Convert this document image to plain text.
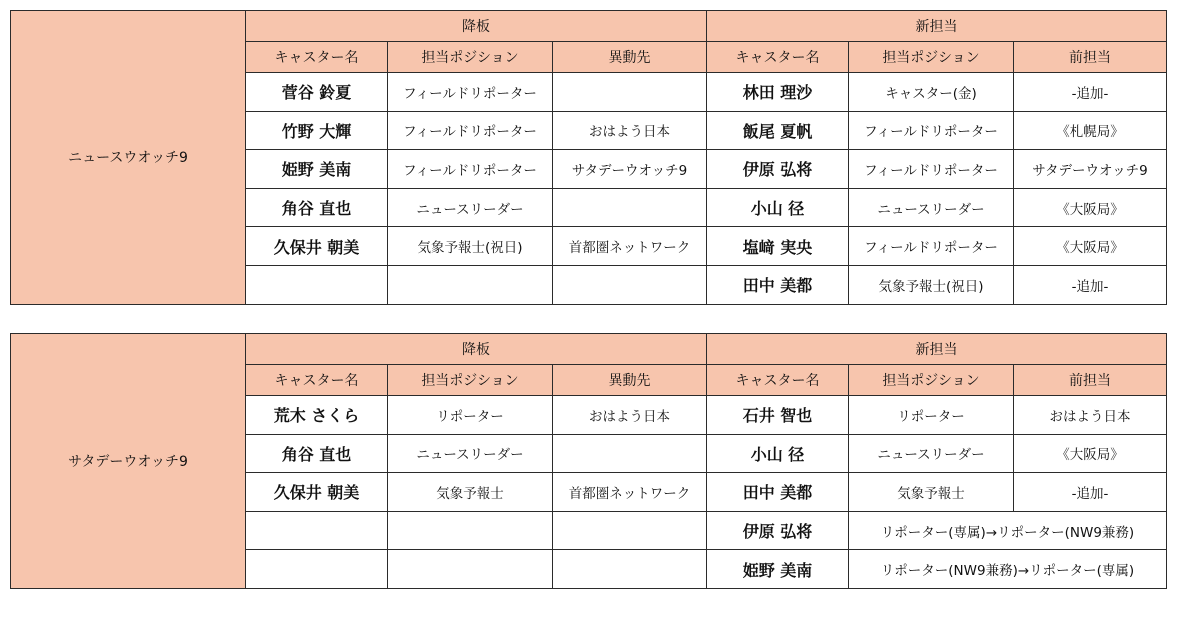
ニュースウオッチ9	降板			新担当		
	キャスター名	担当ポジション	異動先	キャスター名	担当ポジション	前担当
	菅谷 鈴夏	フィールドリポーター		林田 理沙	キャスター(金)	-追加-
	竹野 大輝	フィールドリポーター	おはよう日本	飯尾 夏帆	フィールドリポーター	《札幌局》
	姫野 美南	フィールドリポーター	サタデーウオッチ9	伊原 弘将	フィールドリポーター	サタデーウオッチ9
	角谷 直也	ニュースリーダー		小山 径	ニュースリーダー	《大阪局》
	久保井 朝美	気象予報士(祝日)	首都圏ネットワーク	塩﨑 実央	フィールドリポーター	《大阪局》
				田中 美都	気象予報士(祝日)	-追加-
サタデーウオッチ9	降板			新担当		
	キャスター名	担当ポジション	異動先	キャスター名	担当ポジション	前担当
	荒木 さくら	リポーター	おはよう日本	石井 智也	リポーター	おはよう日本
	角谷 直也	ニュースリーダー		小山 径	ニュースリーダー	《大阪局》
	久保井 朝美	気象予報士	首都圏ネットワーク	田中 美都	気象予報士	-追加-
				伊原 弘将	リポーター(専属)→リポーター(NW9兼務)	
				姫野 美南	リポーター(NW9兼務)→リポーター(専属)	
